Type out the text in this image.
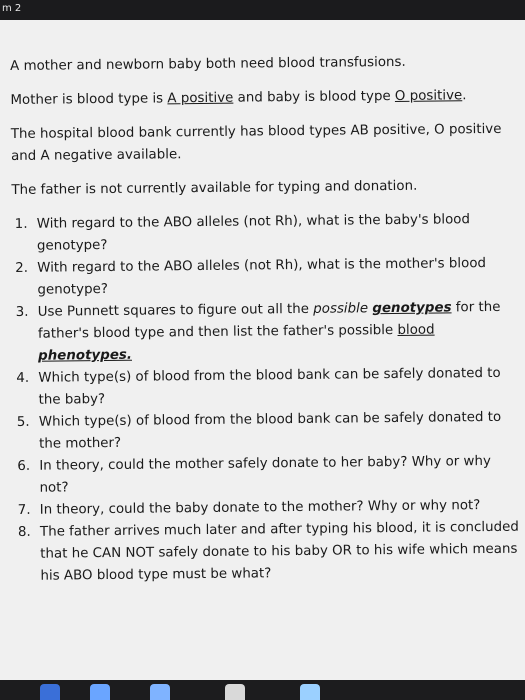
m 2

A mother and newborn baby both need blood transfusions.

Mother is blood type is A positive and baby is blood type O positive.

The hospital blood bank currently has blood types AB positive, O positive and A negative available.

The father is not currently available for typing and donation.

1. With regard to the ABO alleles (not Rh), what is the baby's blood genotype?
2. With regard to the ABO alleles (not Rh), what is the mother's blood genotype?
3. Use Punnett squares to figure out all the possible genotypes for the father's blood type and then list the father's possible blood phenotypes.
4. Which type(s) of blood from the blood bank can be safely donated to the baby?
5. Which type(s) of blood from the blood bank can be safely donated to the mother?
6. In theory, could the mother safely donate to her baby? Why or why not?
7. In theory, could the baby donate to the mother? Why or why not?
8. The father arrives much later and after typing his blood, it is concluded that he CAN NOT safely donate to his baby OR to his wife which means his ABO blood type must be what?
